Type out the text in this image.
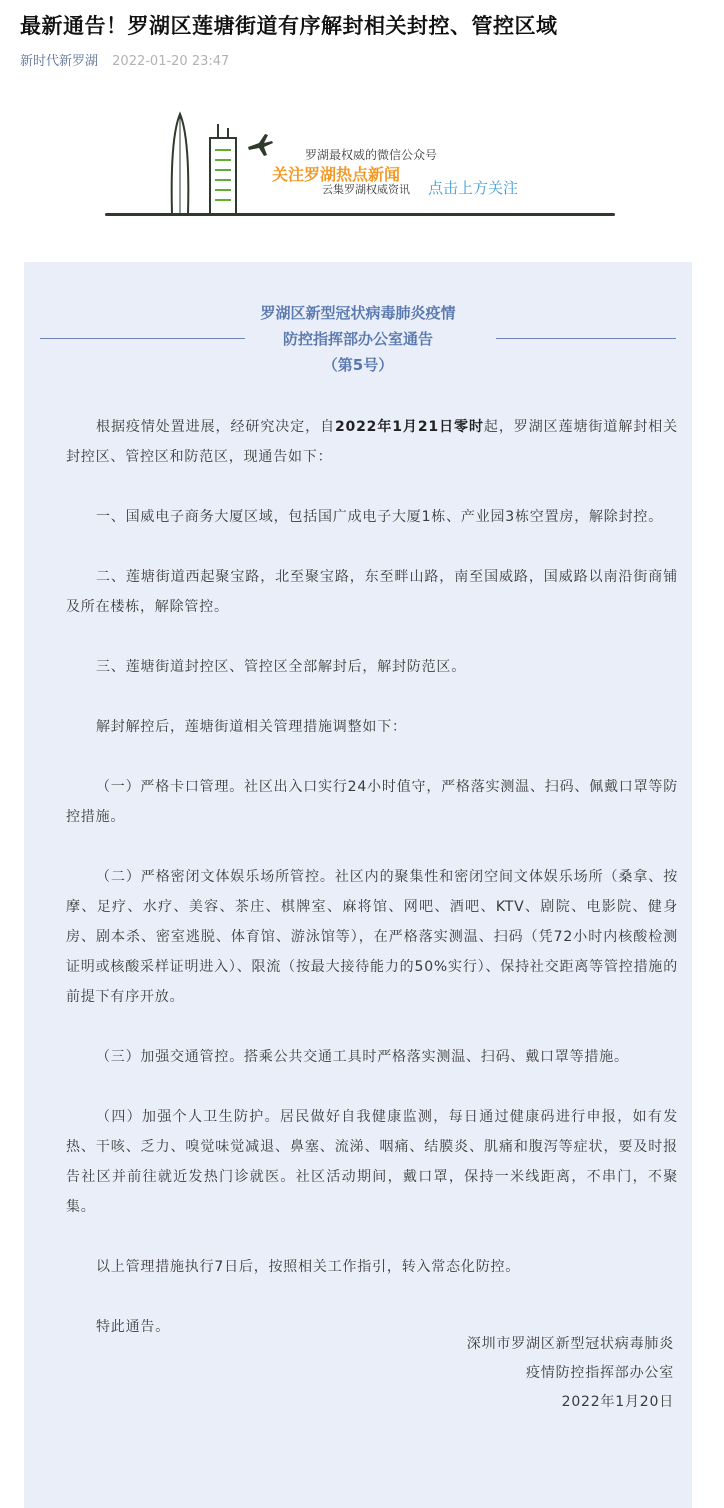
最新通告！罗湖区莲塘街道有序解封相关封控、管控区域
新时代新罗湖 2022-01-20 23:47
罗湖最权威的微信公众号
关注罗湖热点新闻
云集罗湖权威资讯 点击上方关注
罗湖区新型冠状病毒肺炎疫情
防控指挥部办公室通告
（第5号）

根据疫情处置进展，经研究决定，自2022年1月21日零时起，罗湖区莲塘街道解封相关封控区、管控区和防范区，现通告如下：

一、国威电子商务大厦区域，包括国广成电子大厦1栋、产业园3栋空置房，解除封控。

二、莲塘街道西起聚宝路，北至聚宝路，东至畔山路，南至国威路，国威路以南沿街商铺及所在楼栋，解除管控。

三、莲塘街道封控区、管控区全部解封后，解封防范区。

解封解控后，莲塘街道相关管理措施调整如下：

（一）严格卡口管理。社区出入口实行24小时值守，严格落实测温、扫码、佩戴口罩等防控措施。

（二）严格密闭文体娱乐场所管控。社区内的聚集性和密闭空间文体娱乐场所（桑拿、按摩、足疗、水疗、美容、茶庄、棋牌室、麻将馆、网吧、酒吧、KTV、剧院、电影院、健身房、剧本杀、密室逃脱、体育馆、游泳馆等），在严格落实测温、扫码（凭72小时内核酸检测证明或核酸采样证明进入）、限流（按最大接待能力的50%实行）、保持社交距离等管控措施的前提下有序开放。

（三）加强交通管控。搭乘公共交通工具时严格落实测温、扫码、戴口罩等措施。

（四）加强个人卫生防护。居民做好自我健康监测，每日通过健康码进行申报，如有发热、干咳、乏力、嗅觉味觉减退、鼻塞、流涕、咽痛、结膜炎、肌痛和腹泻等症状，要及时报告社区并前往就近发热门诊就医。社区活动期间，戴口罩，保持一米线距离，不串门，不聚集。

以上管理措施执行7日后，按照相关工作指引，转入常态化防控。

特此通告。

深圳市罗湖区新型冠状病毒肺炎
疫情防控指挥部办公室
2022年1月20日
